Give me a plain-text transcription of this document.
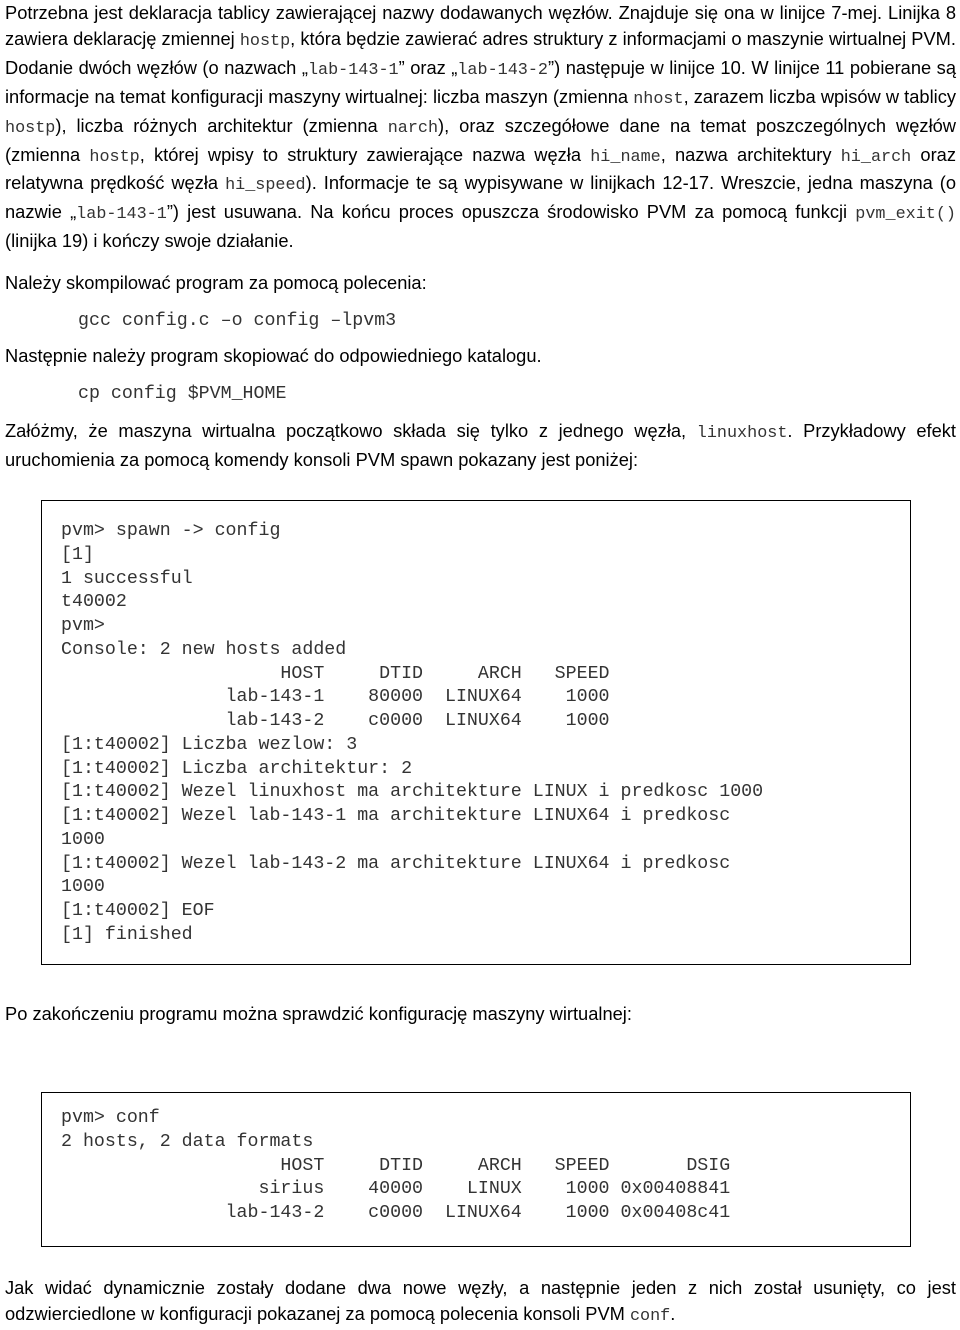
Potrzebna jest deklaracja tablicy zawierającej nazwy dodawanych węzłów. Znajduje się ona w linijce 7-mej. Linijka 8 zawiera deklarację zmiennej hostp, która będzie zawierać adres struktury z informacjami o maszynie wirtualnej PVM. Dodanie dwóch węzłów (o nazwach „lab-143-1” oraz „lab-143-2”) następuje w linijce 10. W linijce 11 pobierane są informacje na temat konfiguracji maszyny wirtualnej: liczba maszyn (zmienna nhost, zarazem liczba wpisów w tablicy hostp), liczba różnych architektur (zmienna narch), oraz szczegółowe dane na temat poszczególnych węzłów (zmienna hostp, której wpisy to struktury zawierające nazwa węzła hi_name, nazwa architektury hi_arch oraz relatywna prędkość węzła hi_speed). Informacje te są wypisywane w linijkach 12-17. Wreszcie, jedna maszyna (o nazwie „lab-143-1”) jest usuwana. Na końcu proces opuszcza środowisko PVM za pomocą funkcji pvm_exit() (linijka 19) i kończy swoje działanie.

Należy skompilować program za pomocą polecenia:

gcc config.c –o config –lpvm3

Następnie należy program skopiować do odpowiedniego katalogu.

cp config $PVM_HOME

Załóżmy, że maszyna wirtualna początkowo składa się tylko z jednego węzła, linuxhost. Przykładowy efekt uruchomienia za pomocą komendy konsoli PVM spawn pokazany jest poniżej:

pvm> spawn -> config
[1]
1 successful
t40002
pvm>
Console: 2 new hosts added
HOST     DTID     ARCH   SPEED
lab-143-1    80000  LINUX64    1000
lab-143-2    c0000  LINUX64    1000
[1:t40002] Liczba wezlow: 3
[1:t40002] Liczba architektur: 2
[1:t40002] Wezel linuxhost ma architekture LINUX i predkosc 1000
[1:t40002] Wezel lab-143-1 ma architekture LINUX64 i predkosc
1000
[1:t40002] Wezel lab-143-2 ma architekture LINUX64 i predkosc
1000
[1:t40002] EOF
[1] finished

Po zakończeniu programu można sprawdzić konfigurację maszyny wirtualnej:

pvm> conf
2 hosts, 2 data formats
HOST     DTID     ARCH   SPEED       DSIG
sirius    40000    LINUX    1000 0x00408841
lab-143-2    c0000  LINUX64    1000 0x00408c41

Jak widać dynamicznie zostały dodane dwa nowe węzły, a następnie jeden z nich został usunięty, co jest odzwierciedlone w konfiguracji pokazanej za pomocą polecenia konsoli PVM conf.
